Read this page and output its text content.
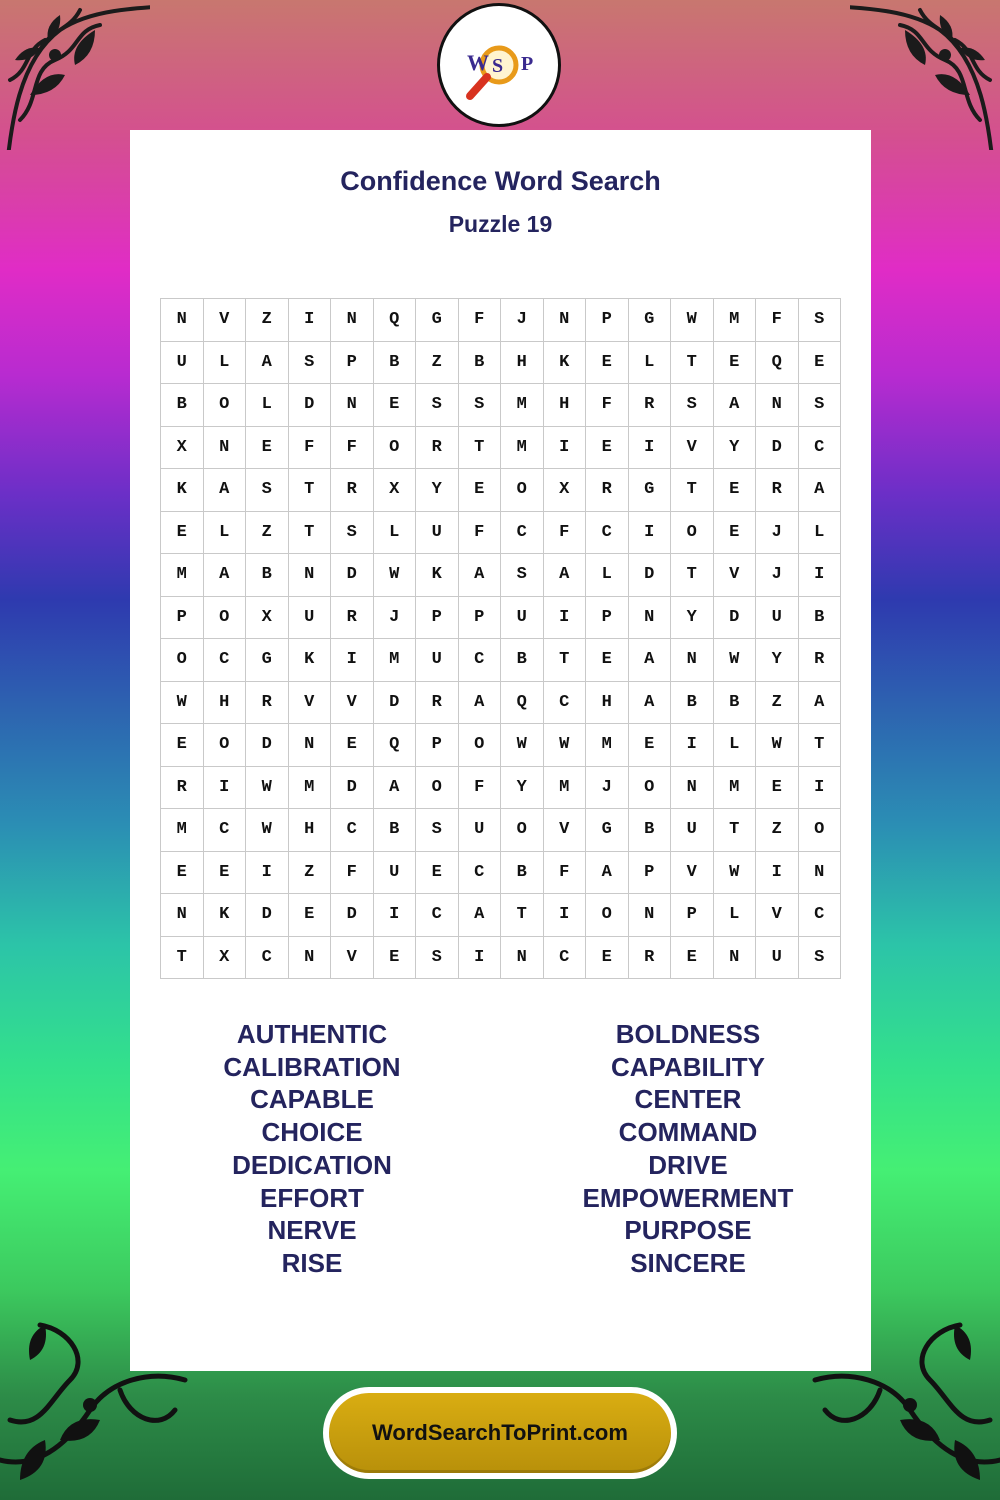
W S P
Confidence Word Search
Puzzle 19
N	V	Z	I	N	Q	G	F	J	N	P	G	W	M	F	S
U	L	A	S	P	B	Z	B	H	K	E	L	T	E	Q	E
B	O	L	D	N	E	S	S	M	H	F	R	S	A	N	S
X	N	E	F	F	O	R	T	M	I	E	I	V	Y	D	C
K	A	S	T	R	X	Y	E	O	X	R	G	T	E	R	A
E	L	Z	T	S	L	U	F	C	F	C	I	O	E	J	L
M	A	B	N	D	W	K	A	S	A	L	D	T	V	J	I
P	O	X	U	R	J	P	P	U	I	P	N	Y	D	U	B
O	C	G	K	I	M	U	C	B	T	E	A	N	W	Y	R
W	H	R	V	V	D	R	A	Q	C	H	A	B	B	Z	A
E	O	D	N	E	Q	P	O	W	W	M	E	I	L	W	T
R	I	W	M	D	A	O	F	Y	M	J	O	N	M	E	I
M	C	W	H	C	B	S	U	O	V	G	B	U	T	Z	O
E	E	I	Z	F	U	E	C	B	F	A	P	V	W	I	N
N	K	D	E	D	I	C	A	T	I	O	N	P	L	V	C
T	X	C	N	V	E	S	I	N	C	E	R	E	N	U	S
AUTHENTIC
CALIBRATION
CAPABLE
CHOICE
DEDICATION
EFFORT
NERVE
RISE
BOLDNESS
CAPABILITY
CENTER
COMMAND
DRIVE
EMPOWERMENT
PURPOSE
SINCERE
WordSearchToPrint.com
